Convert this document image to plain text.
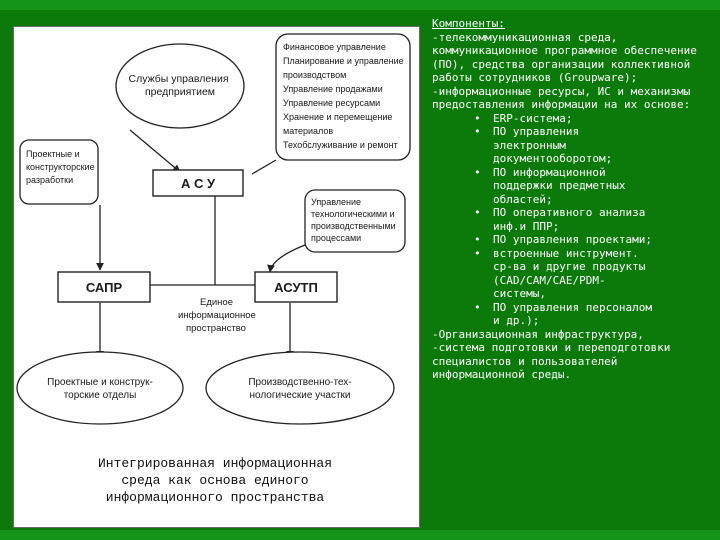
Службы управления предприятием
Финансовое управление
Планирование и управление
производством
Управление продажами
Управление ресурсами
Хранение и перемещение
материалов
Техобслуживание и ремонт
Проектные и конструкторские разработки	А С У
Управление технологическими и производственными процессами
САПР	АСУТП
Единое информационное пространство
Проектные и конструк-торские отделы
Производственно-тех-нологические участки
Интегрированная информационная
среда как основа единого
информационного пространства

Компоненты:

-телекоммуникационная среда, коммуникационное программное обеспечение (ПО), средства организации коллективной работы сотрудников (Groupware);
-информационные ресурсы, ИС и механизмы предоставления информации на их основе:

• ERP-система;
• ПО управления
электронным
документооборотом;
• ПО информационной
поддержки предметных
областей;
• ПО оперативного анализа
инф.и ППР;
• ПО управления проектами;
• встроенные инструмент.
ср-ва и другие продукты
(CAD/CAM/CAE/PDM-
системы,
• ПО управления персоналом
и др.);

-Организационная инфраструктура,
-система подготовки и переподготовки специалистов и пользователей информационной среды.
